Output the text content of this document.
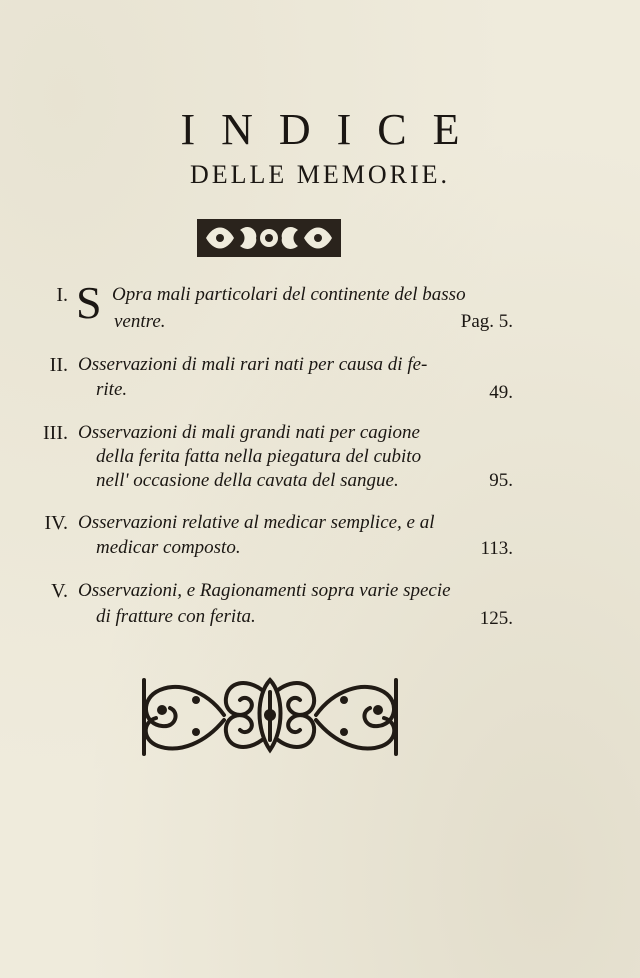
INDICE
DELLE MEMORIE.
I. S Opra mali particolari del continente del basso
ventre.	Pag. 5.
II. Osservazioni di mali rari nati per causa di fe-
rite.	49.
III. Osservazioni di mali grandi nati per cagione
della ferita fatta nella piegatura del cubito
nell' occasione della cavata del sangue.	95.
IV. Osservazioni relative al medicar semplice, e al
medicar composto.	113.
V. Osservazioni, e Ragionamenti sopra varie specie
di fratture con ferita.	125.
